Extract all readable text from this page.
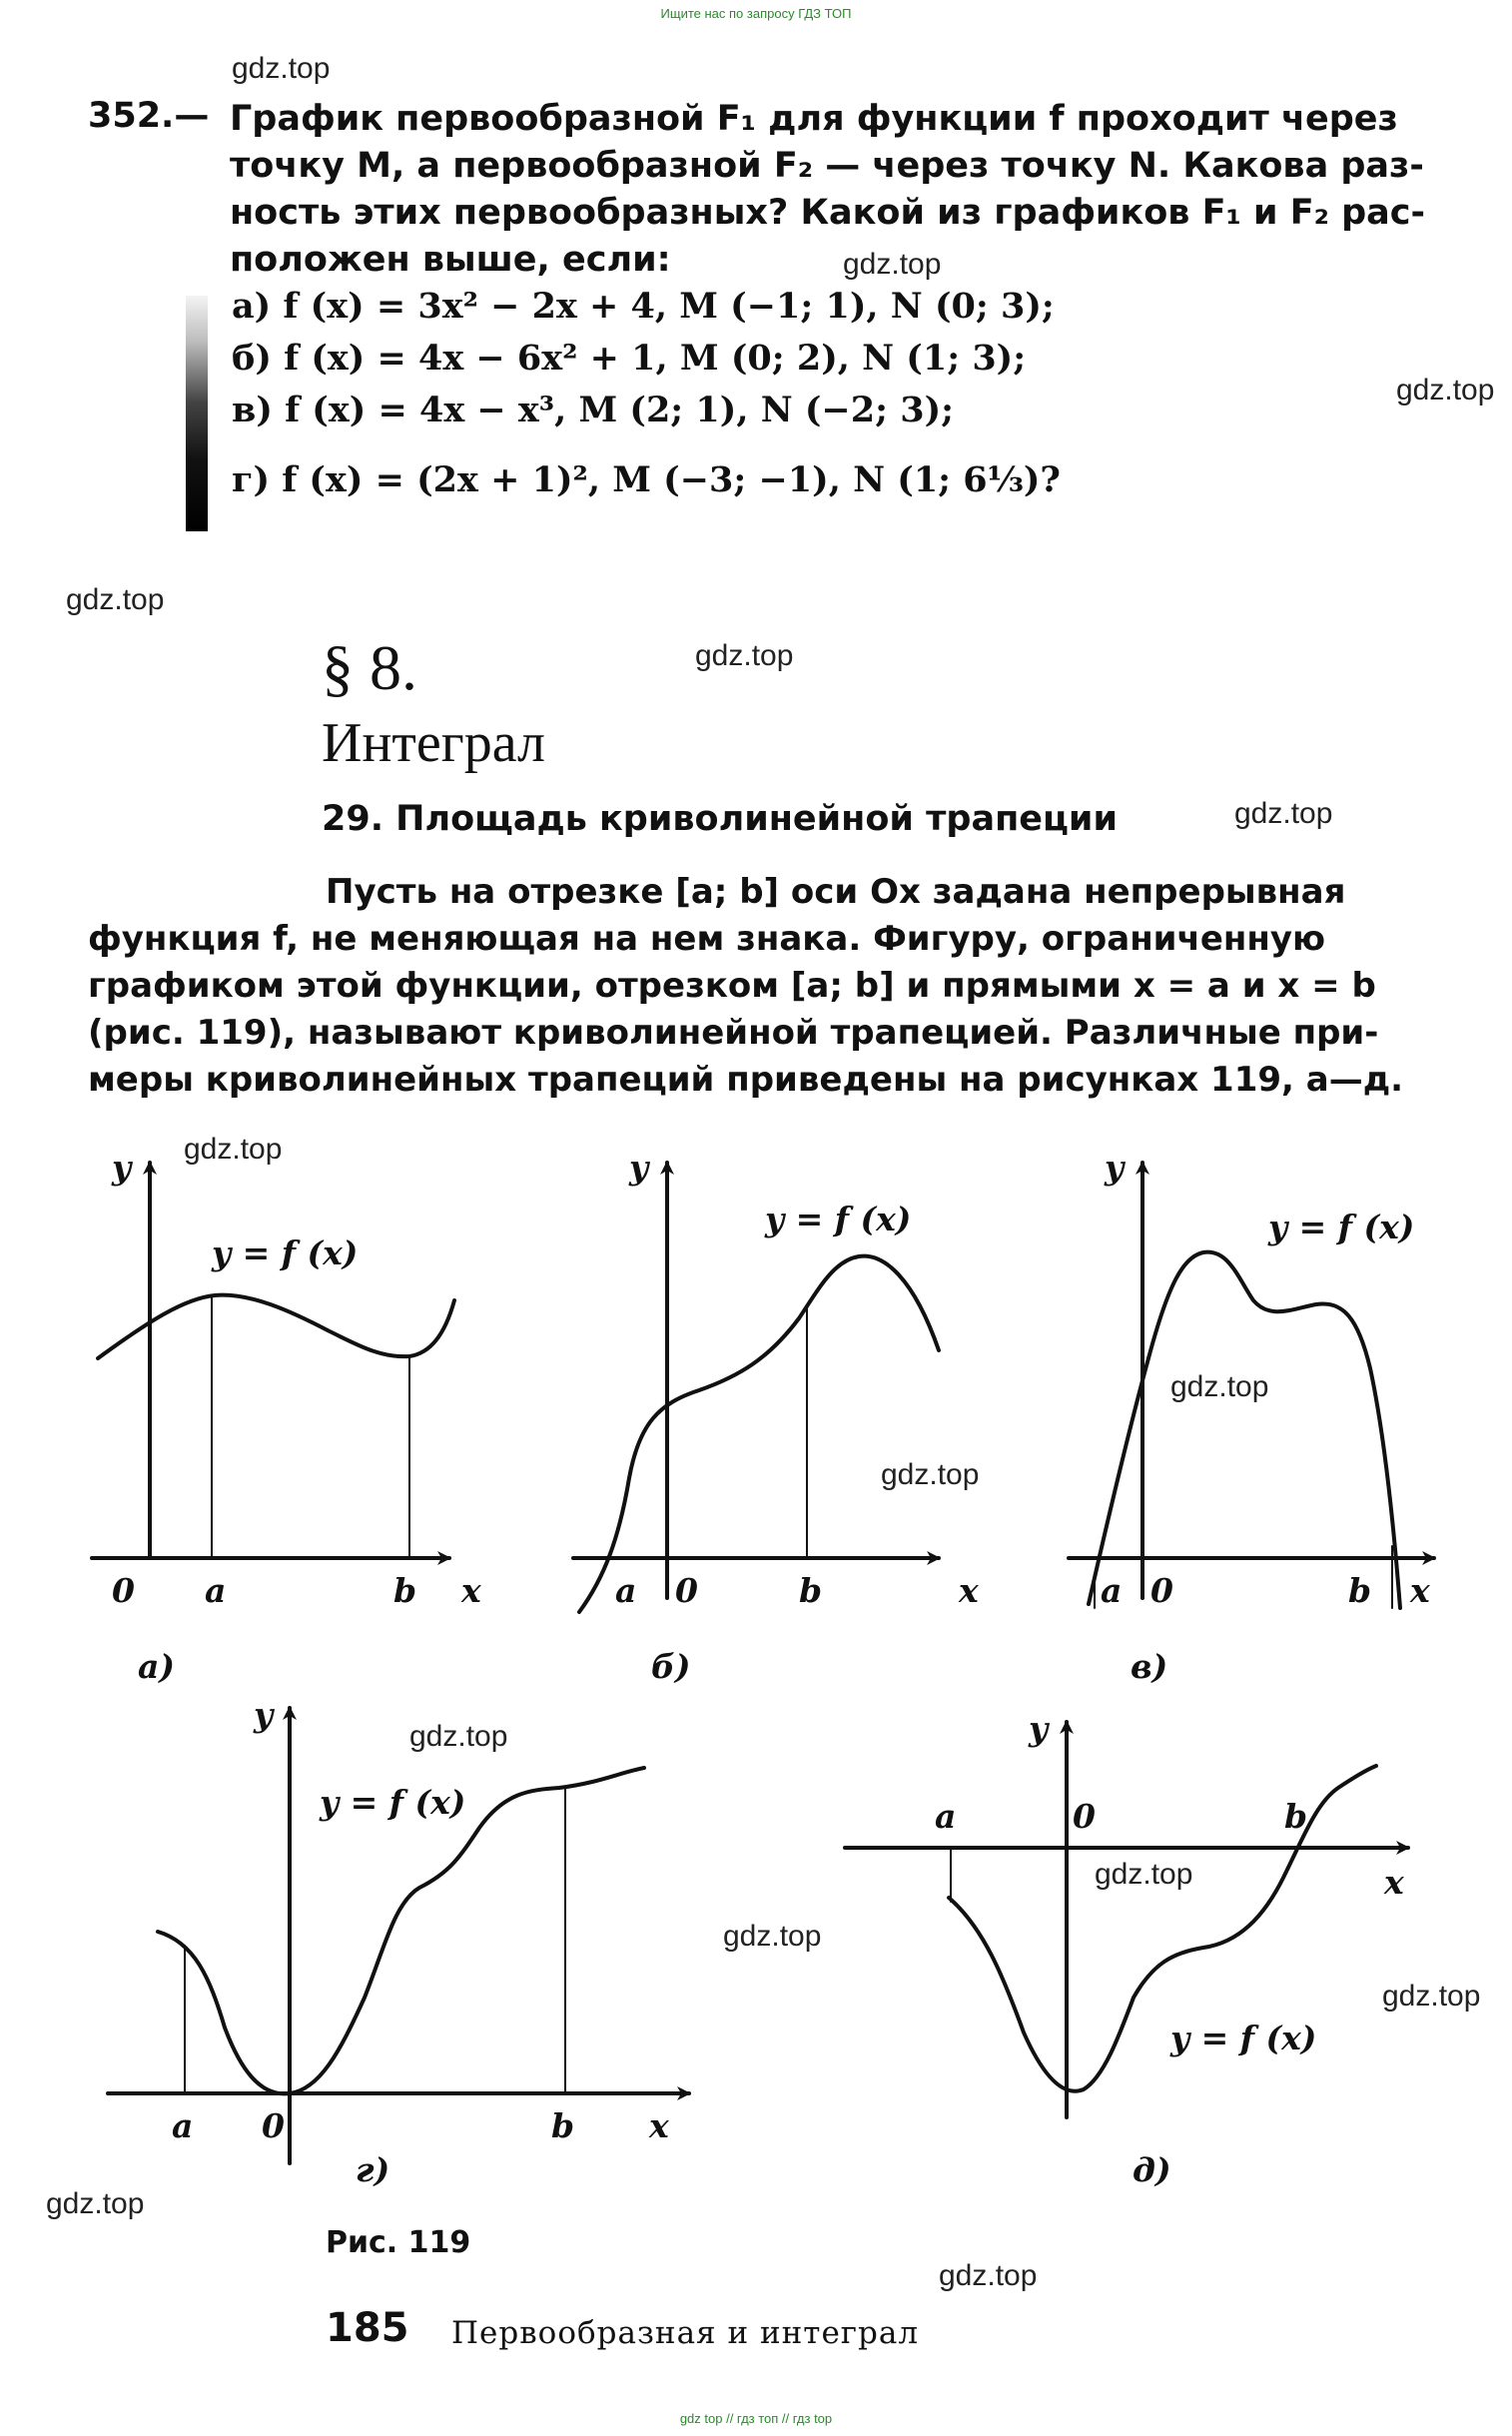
Ищите нас по запросу ГДЗ ТОП
gdz top // гдз топ // гдз top
gdz.top
gdz.top
gdz.top
gdz.top
gdz.top
gdz.top
gdz.top
gdz.top
gdz.top
gdz.top
gdz.top
gdz.top
gdz.top
gdz.top
gdz.top
352.— График первообразной F₁ для функции f проходит через
точку M, а первообразной F₂ — через точку N. Какова раз-
ность этих первообразных? Какой из графиков F₁ и F₂ рас-
положен выше, если:
а) f (x) = 3x² − 2x + 4, M (−1; 1), N (0; 3);
б) f (x) = 4x − 6x² + 1, M (0; 2), N (1; 3);
в) f (x) = 4x − x³, M (2; 1), N (−2; 3);
г) f (x) = (2x + 1)², M (−3; −1), N (1; 6⅓)?
§ 8.
Интеграл
29. Площадь криволинейной трапеции
Пусть на отрезке [a; b] оси Ox задана непрерывная
функция f, не меняющая на нем знака. Фигуру, ограниченную
графиком этой функции, отрезком [a; b] и прямыми x = a и x = b
(рис. 119), называют криволинейной трапецией. Различные при-
меры криволинейных трапеций приведены на рисунках 119, а—д.
y
y = f (x)
0 a	b x
а)
y
y = f (x)
a 0	b	x
б)
y
y = f (x)
a 0	b x
в)
y
y = f (x)
a 0	b x
г)
y
a	0	b
x
y = f (x)
д)
Рис. 119
185 Первообразная и интеграл
